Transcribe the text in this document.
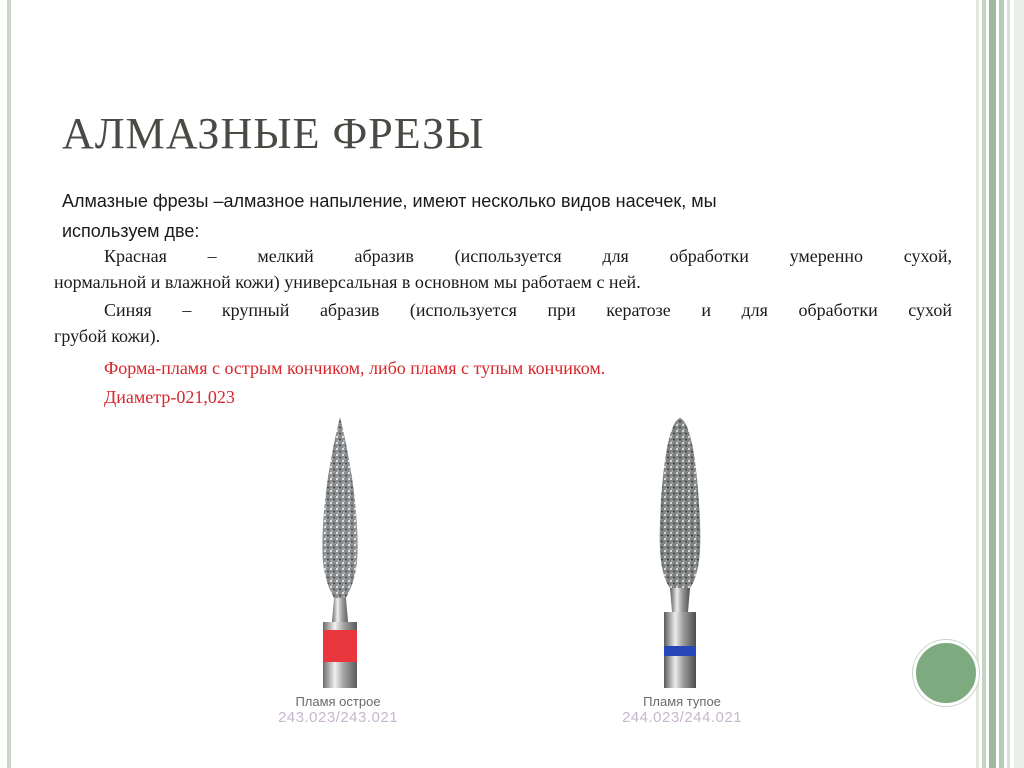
АЛМАЗНЫЕ ФРЕЗЫ

Алмазные фрезы –алмазное напыление, имеют несколько видов насечек, мы

используем две:

Красная – мелкий абразив (используется для обработки умеренно сухой,

нормальной и влажной кожи) универсальная в основном мы работаем с ней.

Синяя – крупный абразив (используется при кератозе и для обработки сухой

грубой кожи).

Форма-пламя с острым кончиком, либо пламя с тупым кончиком.

Диаметр-021,023

Пламя острое
243.023/243.021
Пламя тупое
244.023/244.021
